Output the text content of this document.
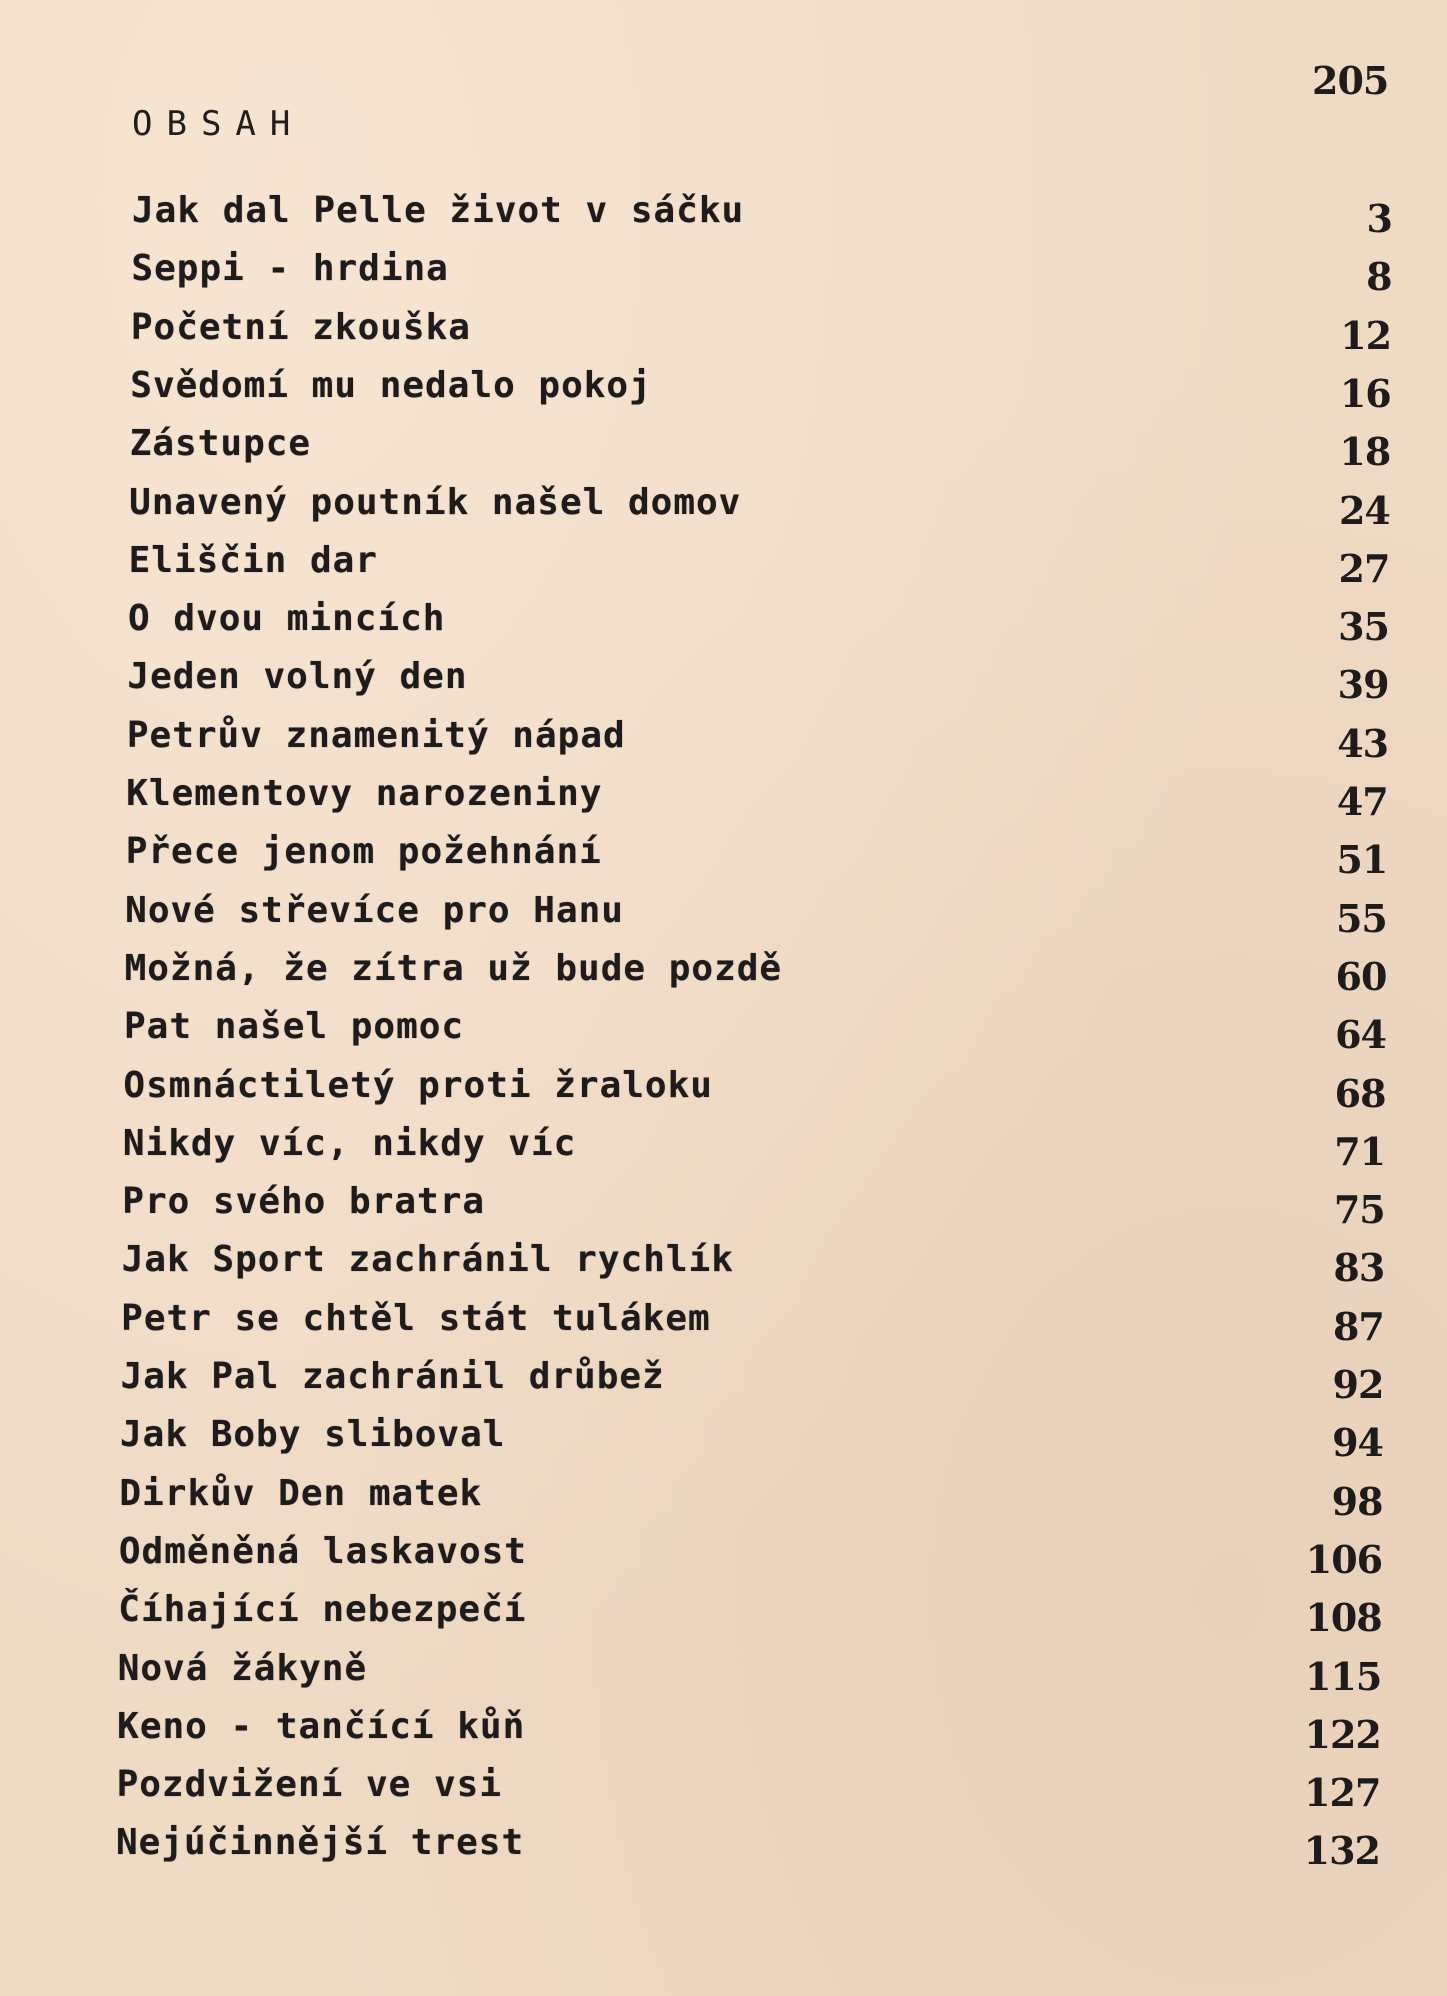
205
OBSAH
Jak dal Pelle život v sáčku	3
Seppi - hrdina	8
Početní zkouška	12
Svědomí mu nedalo pokoj	16
Zástupce	18
Unavený poutník našel domov	24
Eliščin dar	27
O dvou mincích	35
Jeden volný den	39
Petrův znamenitý nápad	43
Klementovy narozeniny	47
Přece jenom požehnání	51
Nové střevíce pro Hanu	55
Možná, že zítra už bude pozdě	60
Pat našel pomoc	64
Osmnáctiletý proti žraloku	68
Nikdy víc, nikdy víc	71
Pro svého bratra	75
Jak Sport zachránil rychlík	83
Petr se chtěl stát tulákem	87
Jak Pal zachránil drůbež	92
Jak Boby sliboval	94
Dirkův Den matek	98
Odměněná laskavost	106
Číhající nebezpečí	108
Nová žákyně	115
Keno - tančící kůň	122
Pozdvižení ve vsi	127
Nejúčinnější trest	132
